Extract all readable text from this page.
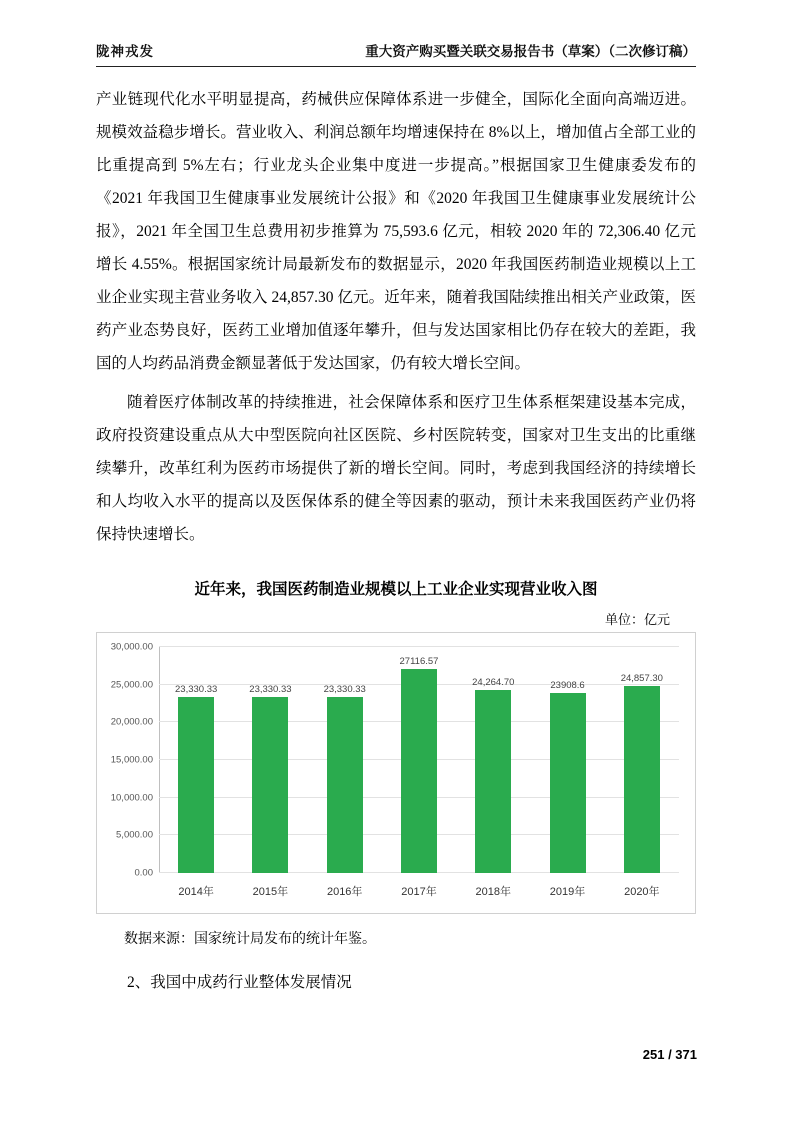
陇神戎发	重大资产购买暨关联交易报告书（草案）（二次修订稿）

产业链现代化水平明显提高，药械供应保障体系进一步健全，国际化全面向高端迈进。规模效益稳步增长。营业收入、利润总额年均增速保持在 8%以上，增加值占全部工业的比重提高到 5%左右；行业龙头企业集中度进一步提高。”根据国家卫生健康委发布的《2021 年我国卫生健康事业发展统计公报》和《2020 年我国卫生健康事业发展统计公报》，2021 年全国卫生总费用初步推算为 75,593.6 亿元，相较 2020 年的 72,306.40 亿元增长 4.55%。根据国家统计局最新发布的数据显示，2020 年我国医药制造业规模以上工业企业实现主营业务收入 24,857.30 亿元。近年来，随着我国陆续推出相关产业政策，医药产业态势良好，医药工业增加值逐年攀升，但与发达国家相比仍存在较大的差距，我国的人均药品消费金额显著低于发达国家，仍有较大增长空间。

随着医疗体制改革的持续推进，社会保障体系和医疗卫生体系框架建设基本完成，政府投资建设重点从大中型医院向社区医院、乡村医院转变，国家对卫生支出的比重继续攀升，改革红利为医药市场提供了新的增长空间。同时，考虑到我国经济的持续增长和人均收入水平的提高以及医保体系的健全等因素的驱动，预计未来我国医药产业仍将保持快速增长。

近年来，我国医药制造业规模以上工业企业实现营业收入图
单位：亿元
0.00
5,000.00
10,000.00
15,000.00
20,000.00
25,000.00
30,000.00
23,330.33	23,330.33	23,330.33
27116.57
24,264.70	23908.6
24,857.30
2014年	2015年	2016年	2017年	2018年	2019年	2020年
数据来源：国家统计局发布的统计年鉴。
2、我国中成药行业整体发展情况
251 / 371
